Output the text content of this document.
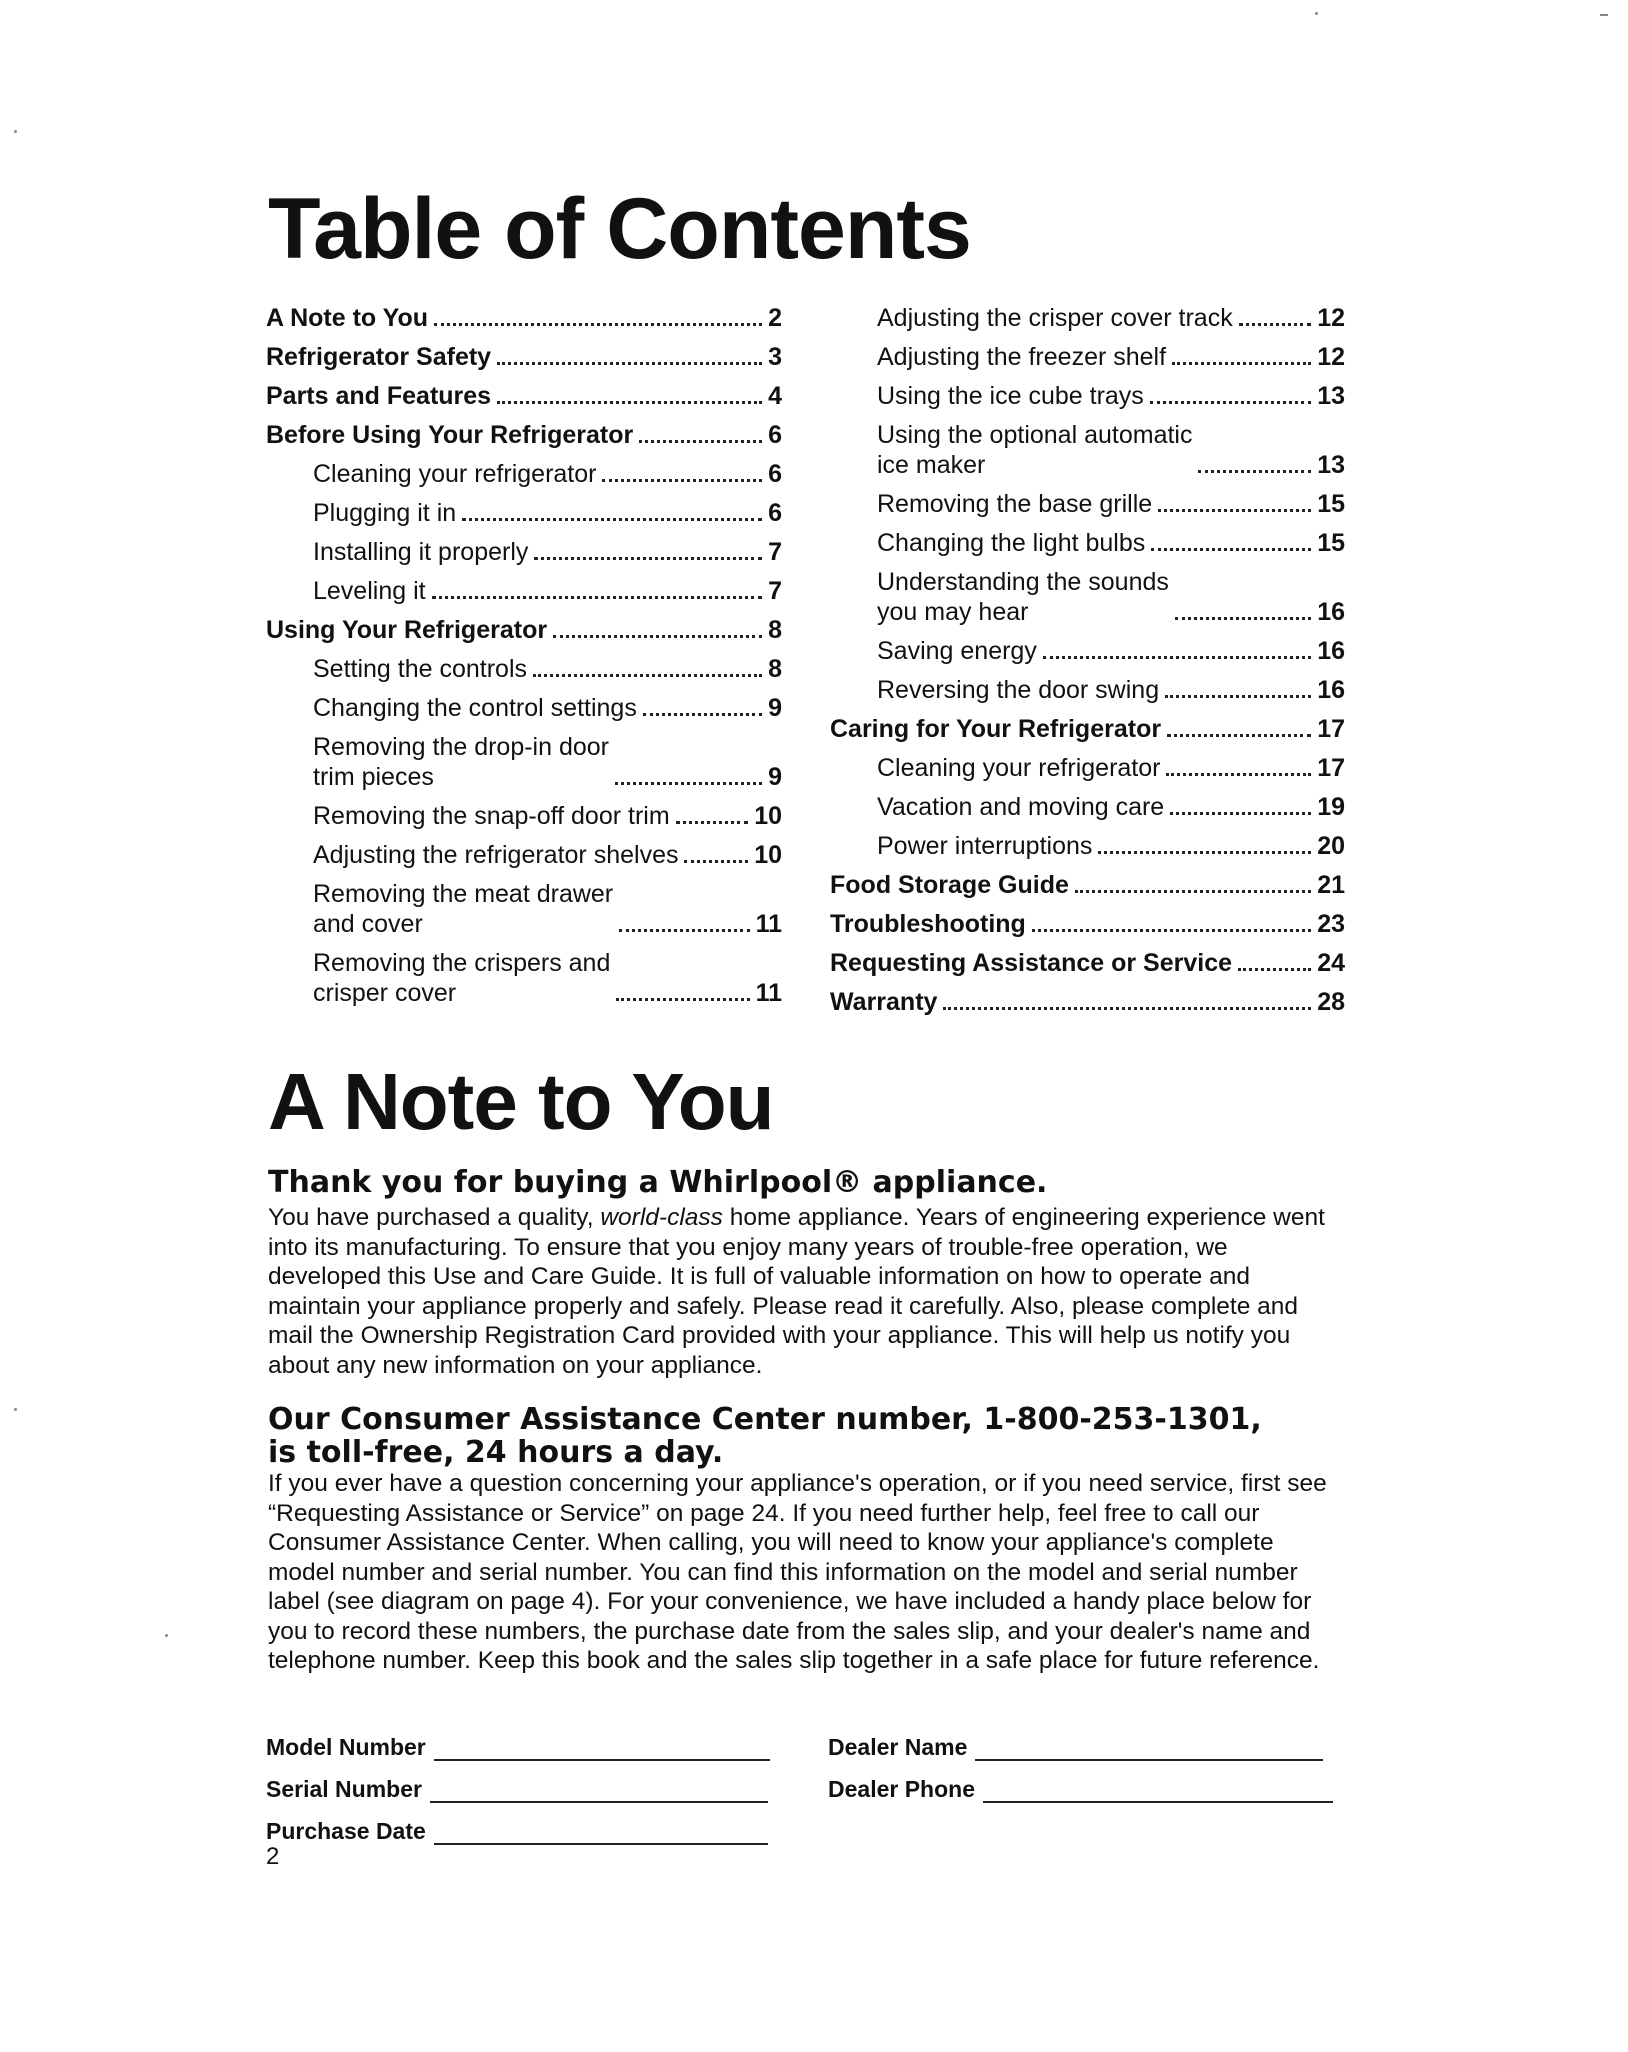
Table of Contents
A Note to You	2
Refrigerator Safety	3
Parts and Features	4
Before Using Your Refrigerator	6
Cleaning your refrigerator	6
Plugging it in	6
Installing it properly	7
Leveling it	7
Using Your Refrigerator	8
Setting the controls	8
Changing the control settings	9
Removing the drop-in door
trim pieces	9
Removing the snap-off door trim	10
Adjusting the refrigerator shelves	10
Removing the meat drawer
and cover	11
Removing the crispers and
crisper cover	11
Adjusting the crisper cover track	12
Adjusting the freezer shelf	12
Using the ice cube trays	13
Using the optional automatic
ice maker	13
Removing the base grille	15
Changing the light bulbs	15
Understanding the sounds
you may hear	16
Saving energy	16
Reversing the door swing	16
Caring for Your Refrigerator	17
Cleaning your refrigerator	17
Vacation and moving care	19
Power interruptions	20
Food Storage Guide	21
Troubleshooting	23
Requesting Assistance or Service	24
Warranty	28
A Note to You
Thank you for buying a Whirlpool® appliance.

You have purchased a quality, world-class home appliance. Years of engineering experience went into its manufacturing. To ensure that you enjoy many years of trouble-free operation, we developed this Use and Care Guide. It is full of valuable information on how to operate and maintain your appliance properly and safely. Please read it carefully. Also, please complete and mail the Ownership Registration Card provided with your appliance. This will help us notify you about any new information on your appliance.

Our Consumer Assistance Center number, 1-800-253-1301,
is toll-free, 24 hours a day.

If you ever have a question concerning your appliance's operation, or if you need service, first see “Requesting Assistance or Service” on page 24. If you need further help, feel free to call our Consumer Assistance Center. When calling, you will need to know your appliance's complete model number and serial number. You can find this information on the model and serial number label (see diagram on page 4). For your convenience, we have included a handy place below for you to record these numbers, the purchase date from the sales slip, and your dealer's name and telephone number. Keep this book and the sales slip together in a safe place for future reference.

Model Number
Serial Number
Purchase Date
Dealer Name
Dealer Phone

2
